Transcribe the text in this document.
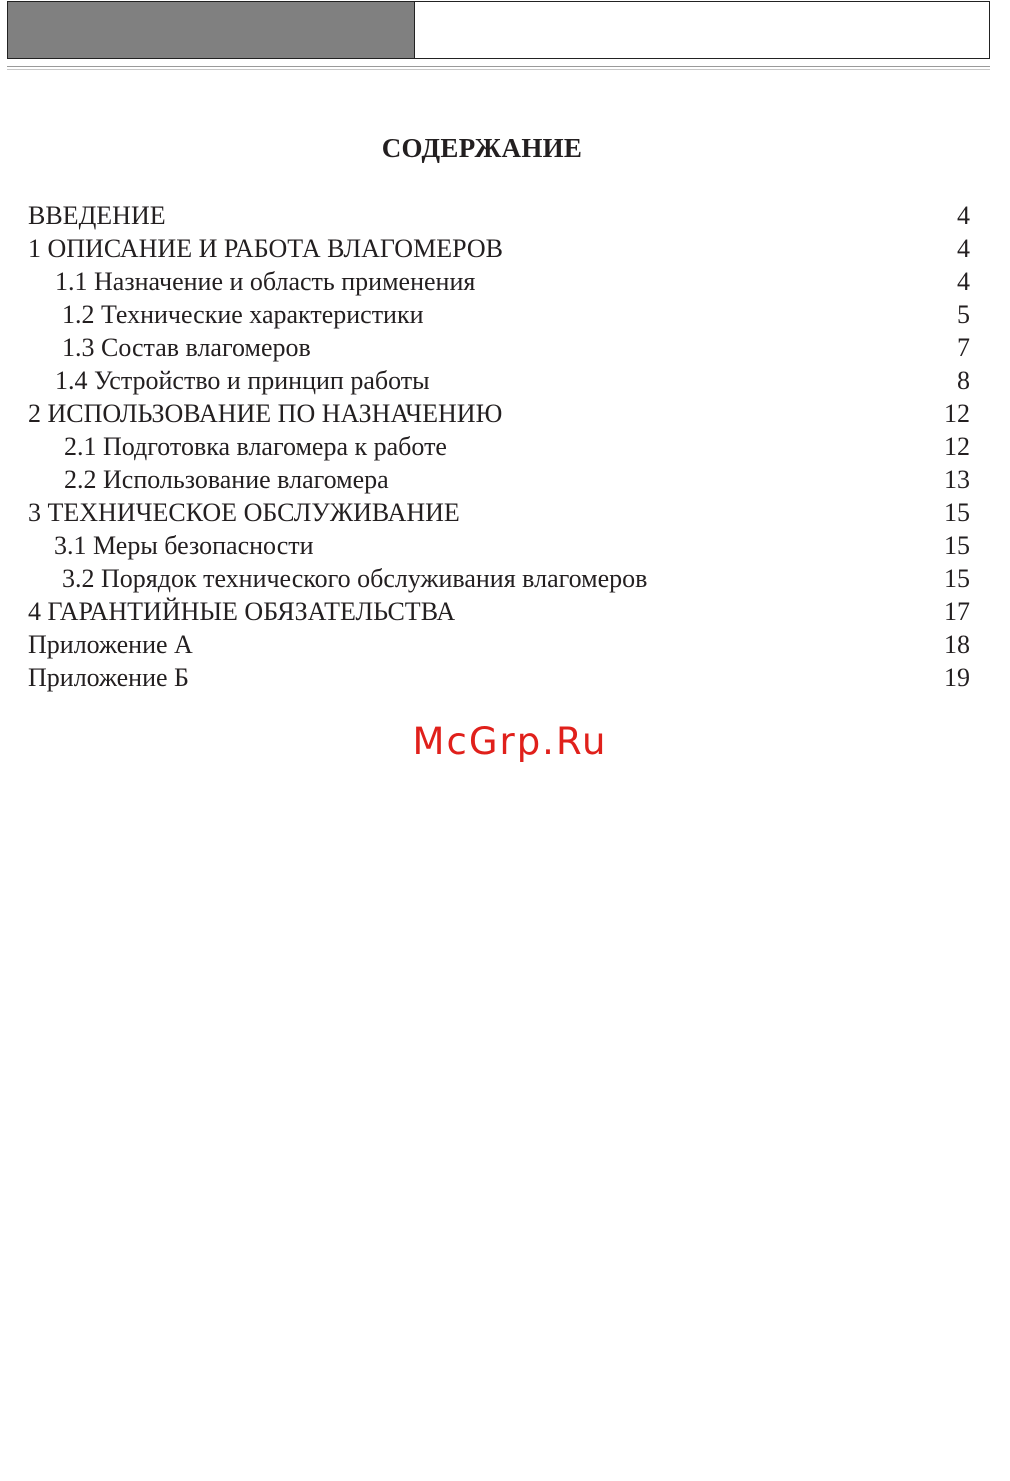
СОДЕРЖАНИЕ
ВВЕДЕНИЕ	4
1 ОПИСАНИЕ И РАБОТА ВЛАГОМЕРОВ	4
1.1 Назначение и область применения	4
1.2 Технические характеристики	5
1.3 Состав влагомеров	7
1.4 Устройство и принцип работы	8
2 ИСПОЛЬЗОВАНИЕ ПО НАЗНАЧЕНИЮ	12
2.1 Подготовка влагомера к работе	12
2.2 Использование влагомера	13
3 ТЕХНИЧЕСКОЕ ОБСЛУЖИВАНИЕ	15
3.1 Меры безопасности	15
3.2 Порядок технического обслуживания влагомеров	15
4 ГАРАНТИЙНЫЕ ОБЯЗАТЕЛЬСТВА	17
Приложение А	18
Приложение Б	19
McGrp.Ru
